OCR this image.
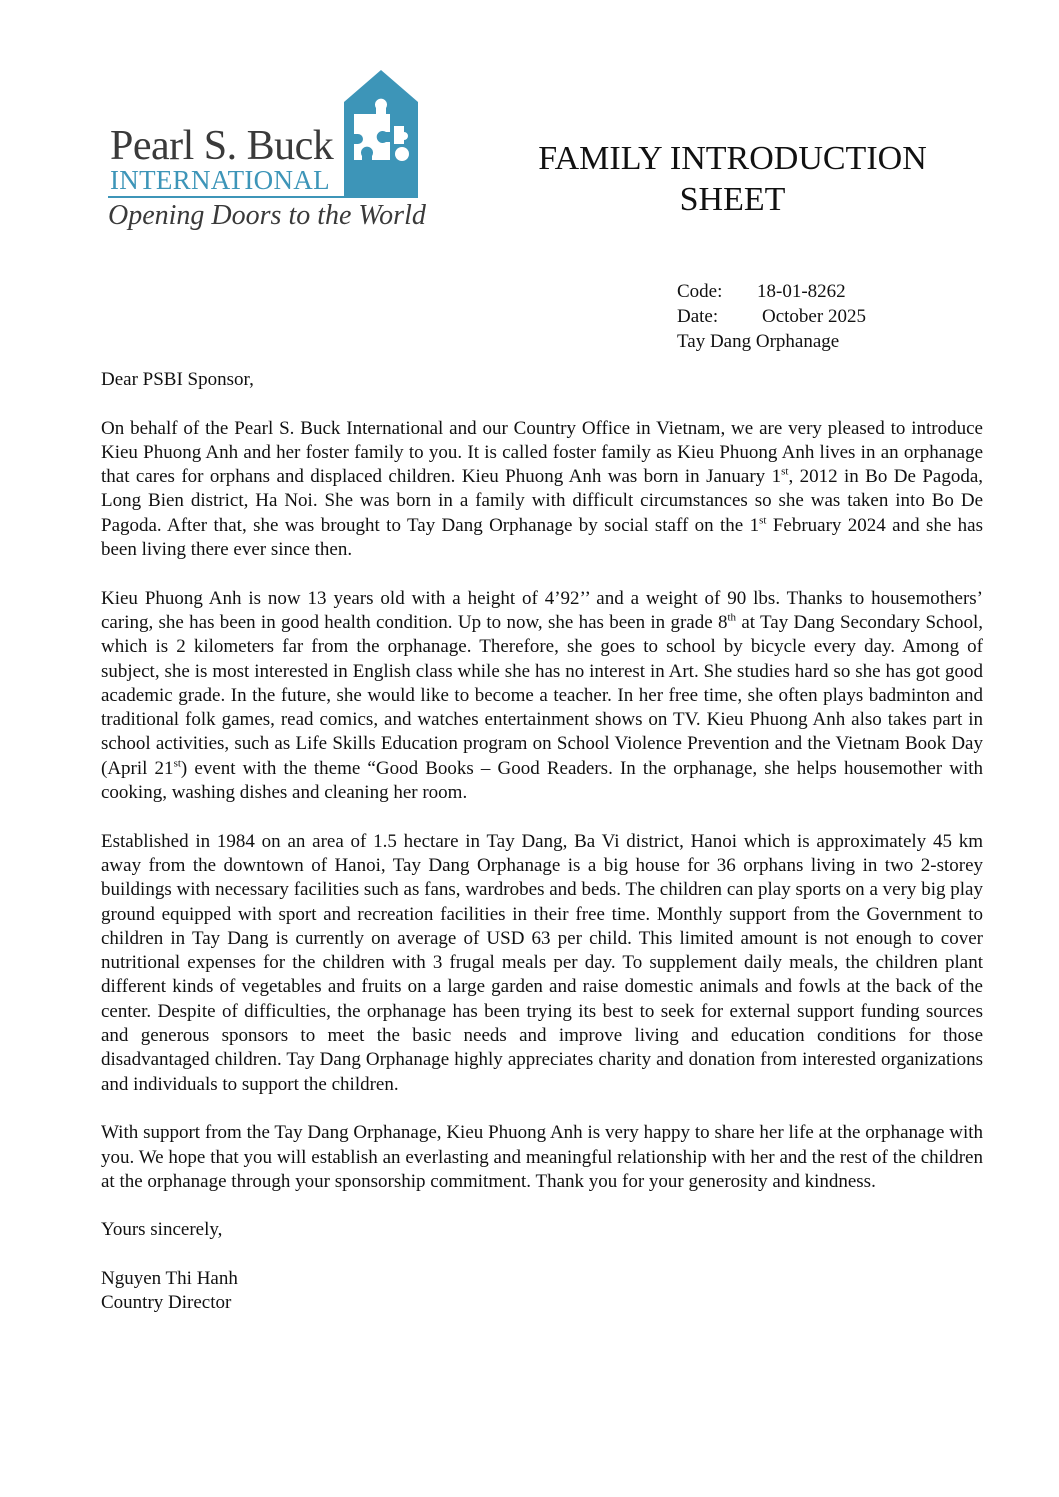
Pearl S. Buck
INTERNATIONAL
Opening Doors to the World
FAMILY INTRODUCTION
SHEET
Code: 18-01-8262
Date: October 2025
Tay Dang Orphanage

Dear PSBI Sponsor,

On behalf of the Pearl S. Buck International and our Country Office in Vietnam, we are very pleased to introduce Kieu Phuong Anh and her foster family to you. It is called foster family as Kieu Phuong Anh lives in an orphanage that cares for orphans and displaced children. Kieu Phuong Anh was born in January 1st, 2012 in Bo De Pagoda, Long Bien district, Ha Noi. She was born in a family with difficult circumstances so she was taken into Bo De Pagoda. After that, she was brought to Tay Dang Orphanage by social staff on the 1st February 2024 and she has been living there ever since then.

Kieu Phuong Anh is now 13 years old with a height of 4’92’’ and a weight of 90 lbs. Thanks to housemothers’ caring, she has been in good health condition. Up to now, she has been in grade 8th at Tay Dang Secondary School, which is 2 kilometers far from the orphanage. Therefore, she goes to school by bicycle every day. Among of subject, she is most interested in English class while she has no interest in Art. She studies hard so she has got good academic grade. In the future, she would like to become a teacher. In her free time, she often plays badminton and traditional folk games, read comics, and watches entertainment shows on TV. Kieu Phuong Anh also takes part in school activities, such as Life Skills Education program on School Violence Prevention and the Vietnam Book Day (April 21st) event with the theme “Good Books – Good Readers. In the orphanage, she helps housemother with cooking, washing dishes and cleaning her room.

Established in 1984 on an area of 1.5 hectare in Tay Dang, Ba Vi district, Hanoi which is approximately 45 km away from the downtown of Hanoi, Tay Dang Orphanage is a big house for 36 orphans living in two 2-storey buildings with necessary facilities such as fans, wardrobes and beds. The children can play sports on a very big play ground equipped with sport and recreation facilities in their free time. Monthly support from the Government to children in Tay Dang is currently on average of USD 63 per child. This limited amount is not enough to cover nutritional expenses for the children with 3 frugal meals per day. To supplement daily meals, the children plant different kinds of vegetables and fruits on a large garden and raise domestic animals and fowls at the back of the center. Despite of difficulties, the orphanage has been trying its best to seek for external support funding sources and generous sponsors to meet the basic needs and improve living and education conditions for those disadvantaged children. Tay Dang Orphanage highly appreciates charity and donation from interested organizations and individuals to support the children.

With support from the Tay Dang Orphanage, Kieu Phuong Anh is very happy to share her life at the orphanage with you. We hope that you will establish an everlasting and meaningful relationship with her and the rest of the children at the orphanage through your sponsorship commitment. Thank you for your generosity and kindness.

Yours sincerely,

Nguyen Thi Hanh

Country Director
